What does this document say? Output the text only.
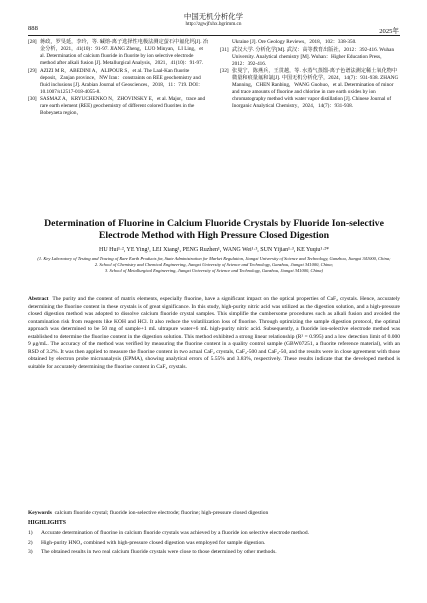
中国无机分析化学
http://zgwjfxhx.bgrimm.cn
888	2025年
[28] 蒋政，罗旻延，李玲，等. 碱熔-离子选择性电极法测定萤石中氟化钙[J]. 冶金分析，2021，41(10)：91-97. JIANG Zheng，LUO Minyan，LI Ling，et al. Determination of calcium fluoride in fluorite by ion selective electrode method after alkali fusion [J]. Metallurgical Analysis，2021，41(10)：91-97.
[29] AZIZI M R，ABEDINI A，ALIPOUR S，et al. The Laal-Kan fluorite deposit，Zanjan province，NW Iran：constraints on REE geochemistry and fluid inclusions [J]. Arabian Journal of Geosciences，2018，11：719. DOI：10.1007/s12517-018-4055-8.
[30] SASMAZ A，KRYUCHENKO N，ZHOVINSKY E，et al. Major，trace and rare earth element (REE) geochemistry of different colored fluorites in the Bobeyaeta region，
Ukraine [J]. Ore Geology Reviews，2018，102：338-350.
[31] 武汉大学. 分析化学[M]. 武汉：高等教育出版社，2012：392-416. Wuhan University. Analytical chemistry [M]. Wuhan：Higher Education Press，2012：392-416.
[32] 张曼宁，陈燕兵，王贯越，等. 水蒸气蒸馏-离子色谱法测定稀土氧化物中微量和痕量氟和氯[J]. 中国无机分析化学，2024，14(7)：931-938. ZHANG Manning，CHEN Ranbing，WANG Guohuo，et al. Determination of minor and trace amounts of fluorine and chlorine in rare earth oxides by ion chromatography method with water vapor distillation [J]. Chinese Journal of Inorganic Analytical Chemistry，2024，14(7)：931-938.
Determination of Fluorine in Calcium Fluoride Crystals by Fluoride Ion-selective Electrode Method with High Pressure Closed Digestion
HU Hui¹·², YE Ying¹, LEI Xiang¹, PENG Ruzhen¹, WANG Wei¹·³, SUN Yijian¹·³, KE Yuqiu¹·²*

(1. Key Laboratory of Testing and Tracing of Rare Earth Products for, State Administration for Market Regulation, Jiangxi University of Science and Technology, Ganzhou, Jiangxi 341000, China;

2. School of Chemistry and Chemical Engineering, Jiangxi University of Science and Technology, Ganzhou, Jiangxi 341000, China;

3. School of Metallurgical Engineering, Jiangxi University of Science and Technology, Ganzhou, Jiangxi 341000, China)

Abstract The purity and the content of matrix elements, especially fluorine, have a significant impact on the optical properties of CaF₂ crystals. Hence, accurately determining the fluorine content in these crystals is of great significance. In this study, high-purity nitric acid was utilized as the digestion solution, and a high-pressure closed digestion method was adopted to dissolve calcium fluoride crystal samples. This simplifie the cumbersome procedures such as alkali fusion and avoided the contamination risk from reagents like KOH and HCl. It also reduce the volatilization loss of fluorine. Through optimizing the sample digestion protocol, the optimal approach was determined to be 50 mg of sample+1 mL ultrapure water+6 mL high-purity nitric acid. Subsequently, a fluoride ion-selective electrode method was established to determine the fluorine content in the digestion solution. This method exhibited a strong linear relationship (R² = 0.995) and a low detection limit of 0.000 9 μg/mL. The accuracy of the method was verified by measuring the fluorine content in a quality control sample (GBW07251, a fluorite reference material), with an RSD of 3.2%. It was then applied to measure the fluorine content in two actual CaF₂ crystals, CaF₂-500 and CaF₂-50, and the results were in close agreement with those obtained by electron probe microanalysis (EPMA), showing analytical errors of 5.55% and 3.83%, respectively. These results indicate that the developed method is suitable for accurately determining the fluorine content in CaF₂ crystals.

Keywords calcium fluoride crystal; fluoride ion-selective electrode; fluorine; high-pressure closed digestion
HIGHLIGHTS
1) Accurate determination of fluorine in calcium fluoride crystals was achieved by a fluoride ion selective electrode method.
2) High-purity HNO₃ combined with high-pressure closed digestion was employed for sample digestion.
3) The obtained results in two real calcium fluoride crystals were close to those determined by other methods.
